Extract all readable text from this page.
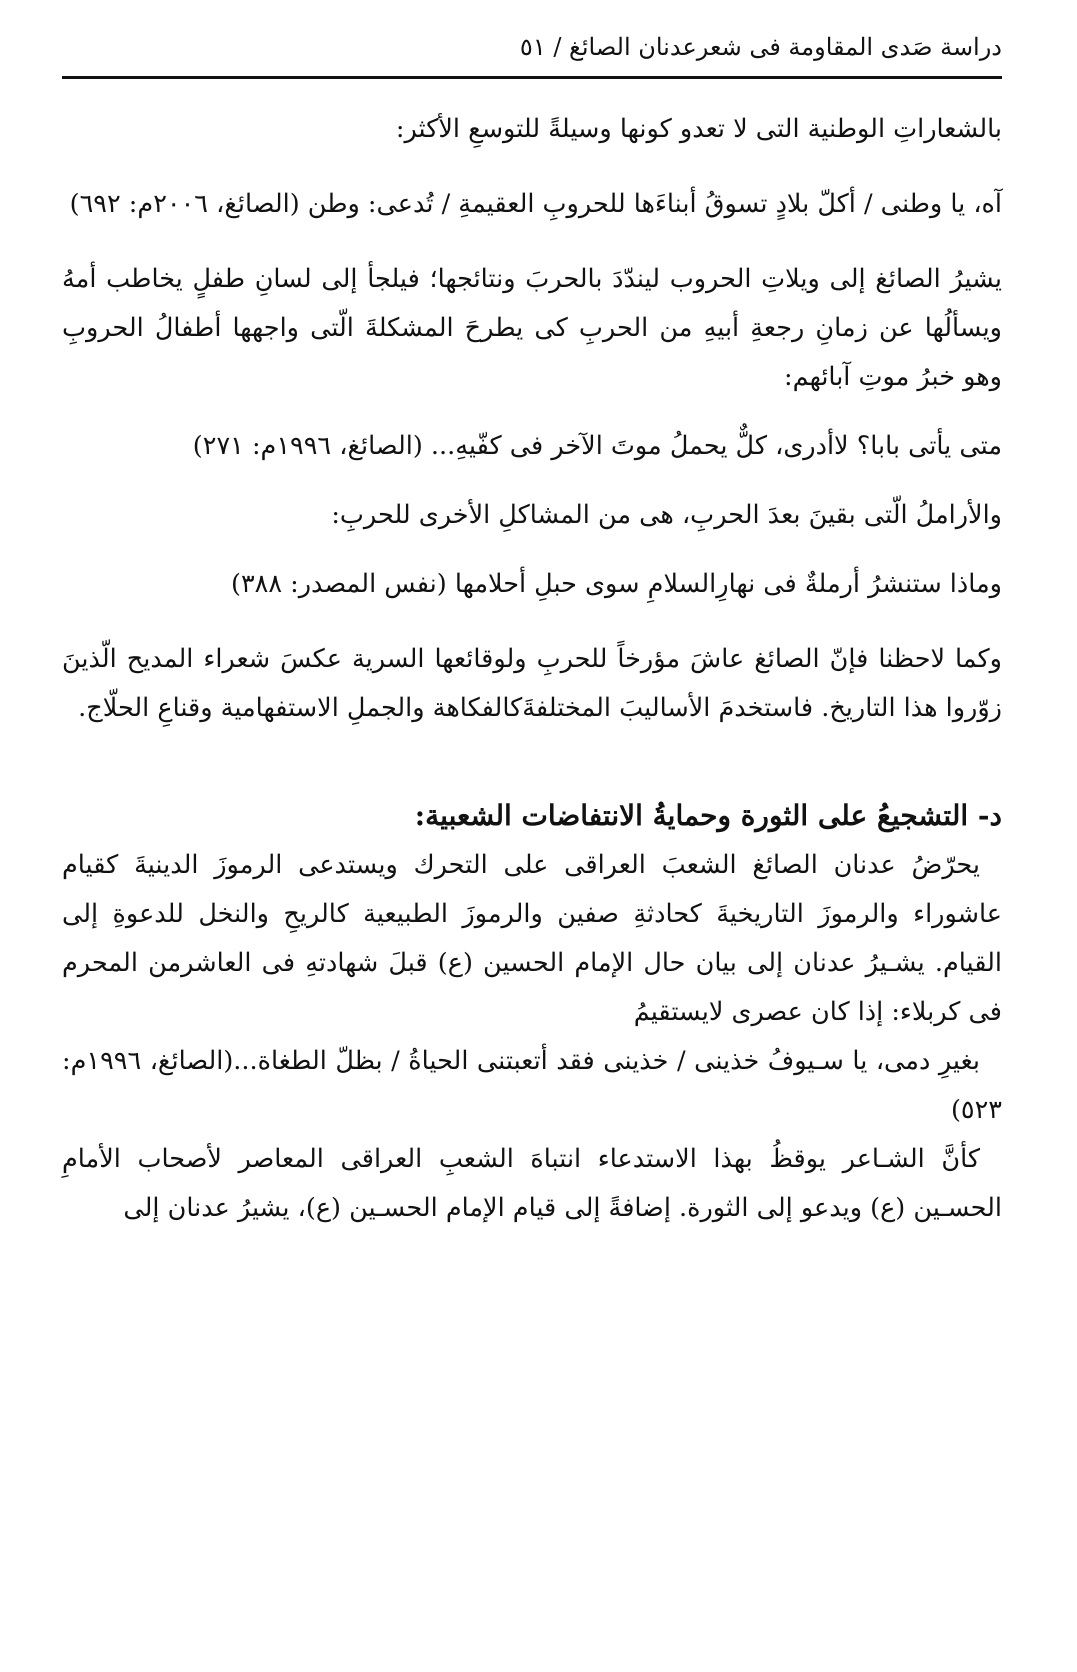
دراسة صَدى المقاومة فی شعرعدنان الصائغ / ٥١

بالشعاراتِ الوطنية التی لا تعدو كونها وسيلةً للتوسعِ الأكثر:

آه، يا وطنی / أكلّ بلادٍ تسوقُ أبناءَها للحروبِ العقيمةِ / تُدعی: وطن (الصائغ، ٢٠٠٦م: ٦٩٢)

يشيرُ الصائغ إلی ويلاتِ الحروب ليندّدَ بالحربَ ونتائجها؛ فيلجأ إلی لسانِ طفلٍ يخاطب أمهُ ويسألُها عن زمانِ رجعةِ أبيهِ من الحربِ كی يطرحَ المشكلةَ الّتی واجهها أطفالُ الحروبِ وهو خبرُ موتِ آبائهم:

متی يأتی بابا؟ لاأدری، كلٌّ يحملُ موتَ الآخر فی كفّيهِ... (الصائغ، ١٩٩٦م: ٢٧١)

والأراملُ الّتی بقينَ بعدَ الحربِ، هی من المشاكلِ الأخری للحربِ:

وماذا ستنشرُ أرملةٌ فی نهارِالسلامِ سوی حبلِ أحلامها (نفس المصدر: ٣٨٨)

وكما لاحظنا فإنّ الصائغ عاشَ مؤرخاً للحربِ ولوقائعها السرية عكسَ شعراء المديح الّذينَ زوّروا هذا التاريخ. فاستخدمَ الأساليبَ المختلفةَكالفكاهة والجملِ الاستفهامية وقناعِ الحلّاج.

د- التشجيعُ علی الثورة وحمايةُ الانتفاضات الشعبية:

يحرّضُ عدنان الصائغ الشعبَ العراقی علی التحرك ويستدعی الرموزَ الدينيةَ كقيام عاشوراء والرموزَ التاريخيةَ كحادثةِ صفين والرموزَ الطبيعية كالريحِ والنخل للدعوةِ إلی القيام. يشـيرُ عدنان إلی بيان حال الإمام الحسين (ع) قبلَ شهادتهِ فی العاشرمن المحرم فی كربلاء: إذا كان عصری لايستقيمُ

بغيرِ دمی، يا سـيوفُ خذينی / خذينی فقد أتعبتنی الحياةُ / بظلّ الطغاة...(الصائغ، ١٩٩٦م: ٥٢٣)

كأنَّ الشـاعر يوقظُ بهذا الاستدعاء انتباهَ الشعبِ العراقی المعاصر لأصحاب الأمامِ الحسـين (ع) ويدعو إلی الثورة. إضافةً إلی قيام الإمام الحسـين (ع)، يشيرُ عدنان إلی
